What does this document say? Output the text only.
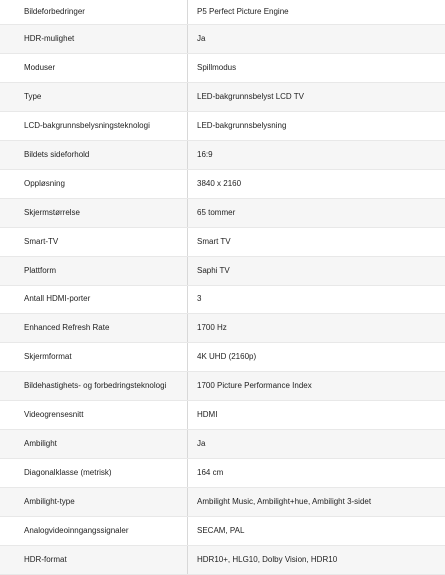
Bildeforbedringer	P5 Perfect Picture Engine
HDR-mulighet	Ja
Moduser	Spillmodus
Type	LED-bakgrunnsbelyst LCD TV
LCD-bakgrunnsbelysningsteknologi	LED-bakgrunnsbelysning
Bildets sideforhold	16:9
Oppløsning	3840 x 2160
Skjermstørrelse	65 tommer
Smart-TV	Smart TV
Plattform	Saphi TV
Antall HDMI-porter	3
Enhanced Refresh Rate	1700 Hz
Skjermformat	4K UHD (2160p)
Bildehastighets- og forbedringsteknologi	1700 Picture Performance Index
Videogrensesnitt	HDMI
Ambilight	Ja
Diagonalklasse (metrisk)	164 cm
Ambilight-type	Ambilight Music, Ambilight+hue, Ambilight 3-sidet
Analogvideoinngangssignaler	SECAM, PAL
HDR-format	HDR10+, HLG10, Dolby Vision, HDR10
